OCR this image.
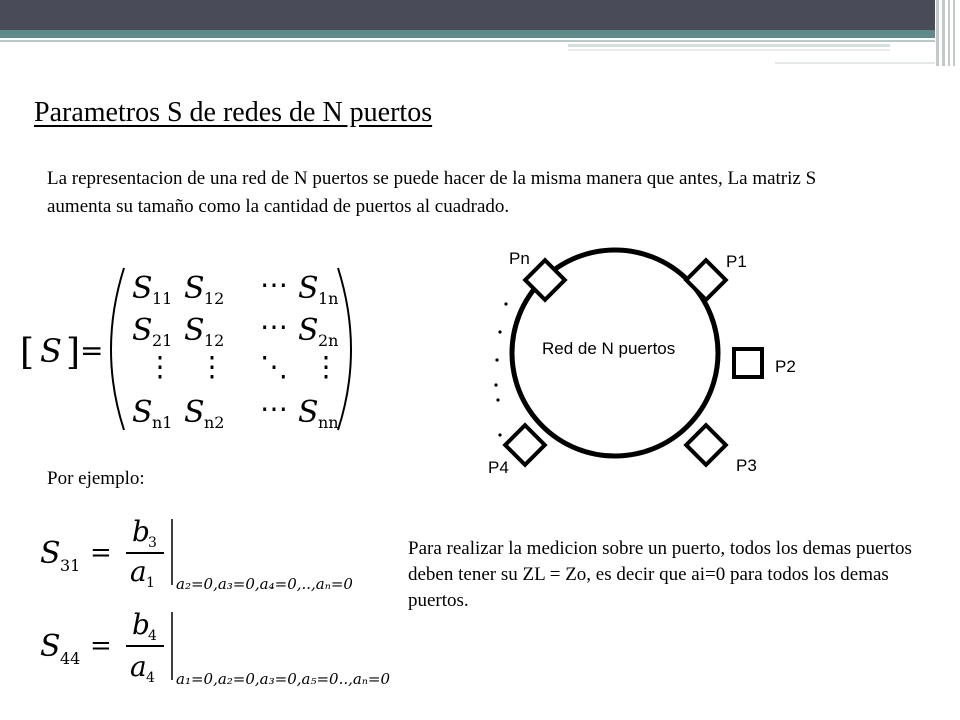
Parametros S de redes de N puertos
La representacion de una red de N puertos se puede hacer de la misma manera que antes, La matriz S aumenta su tamaño como la cantidad de puertos al cuadrado.
[ S ] =
S 11 S 12 ⋯ S 1n
S 21 S 12 ⋯ S 2n
⋮ ⋮ ⋱ ⋮
S n1 S n2 ⋯ S nn
Pn	P1
P2
P3
P4
Red de N puertos
Por ejemplo:
S 31 =
b
3
a 1 a₂=0,a₃=0,a₄=0,..,aₙ=0
S 44 =
b
4
a 4 a₁=0,a₂=0,a₃=0,a₅=0..,aₙ=0
Para realizar la medicion sobre un puerto, todos los demas puertos deben tener su ZL = Zo, es decir que ai=0 para todos los demas puertos.
